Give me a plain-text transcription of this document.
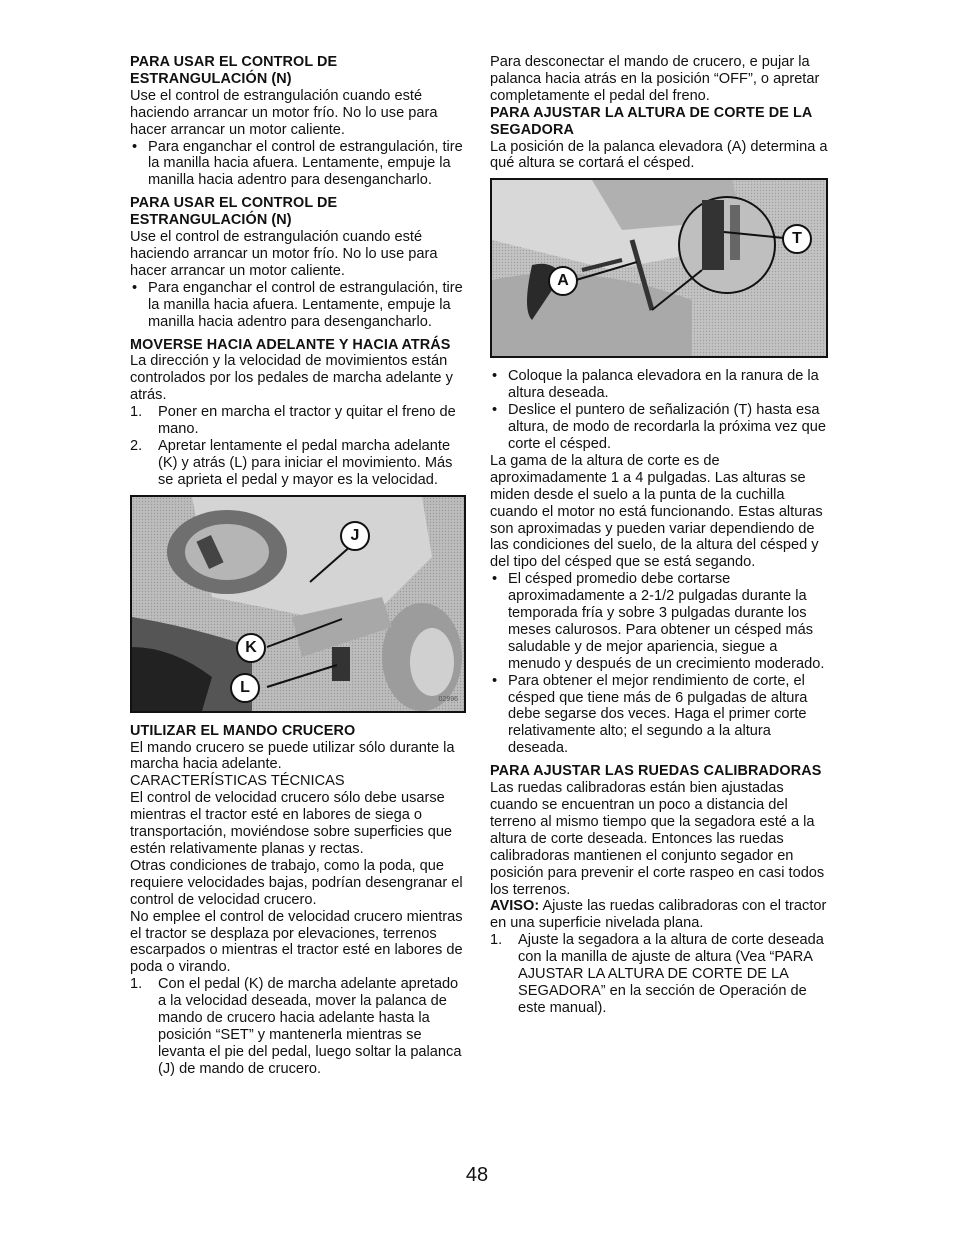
PARA USAR EL CONTROL DE ESTRANGULACIÓN (N)

Use el control de estrangulación cuando esté haciendo arrancar un motor frío. No lo use para hacer arrancar un motor caliente.

• Para enganchar el control de estrangulación, tire la manilla hacia afuera. Lentamente, empuje la manilla hacia adentro para desengancharlo.

PARA USAR EL CONTROL DE ESTRANGULACIÓN (N)

Use el control de estrangulación cuando esté haciendo arrancar un motor frío. No lo use para hacer arrancar un motor caliente.

• Para enganchar el control de estrangulación, tire la manilla hacia afuera. Lentamente, empuje la manilla hacia adentro para desengancharlo.

MOVERSE HACIA ADELANTE Y HACIA ATRÁS

La dirección y la velocidad de movimientos están controlados por los pedales de marcha adelante y atrás.

1. Poner en marcha el tractor y quitar el freno de mano.
2. Apretar lentamente el pedal marcha adelante (K) y atrás (L) para iniciar el movimiento. Más se aprieta el pedal y mayor es la velocidad.
J
K
L
02996

UTILIZAR EL MANDO CRUCERO

El mando crucero se puede utilizar sólo durante la marcha hacia adelante.

CARACTERÍSTICAS TÉCNICAS

El control de velocidad crucero sólo debe usarse mientras el tractor esté en labores de siega o transportación, moviéndose sobre superficies que estén relativamente planas y rectas.

Otras condiciones de trabajo, como la poda, que requiere velocidades bajas, podrían desengranar el control de velocidad crucero.

No emplee el control de velocidad crucero mientras el tractor se desplaza por elevaciones, terrenos escarpados o mientras el tractor esté en labores de poda o virando.

1. Con el pedal (K) de marcha adelante apretado a la velocidad deseada, mover la palanca de mando de crucero hacia adelante hasta la posición “SET” y mantenerla mientras se levanta el pie del pedal, luego soltar la palanca (J) de mando de crucero.

Para desconectar el mando de crucero, e pujar la palanca hacia atrás en la posición “OFF”, o apretar completamente el pedal del freno.

PARA AJUSTAR LA ALTURA DE CORTE DE LA SEGADORA

La posición de la palanca elevadora (A) determina a qué altura se cortará el césped.

A
T
• Coloque la palanca elevadora en la ranura de la altura deseada.
• Deslice el puntero de señalización (T) hasta esa altura, de modo de recordarla la próxima vez que corte el césped.

La gama de la altura de corte es de aproximadamente 1 a 4 pulgadas. Las alturas se miden desde el suelo a la punta de la cuchilla cuando el motor no está funcionando. Estas alturas son aproximadas y pueden variar dependiendo de las condiciones del suelo, de la altura del césped y del tipo del césped que se está segando.

• El césped promedio debe cortarse aproximadamente a 2-1/2 pulgadas durante la temporada fría y sobre 3 pulgadas durante los meses calurosos. Para obtener un césped más saludable y de mejor apariencia, siegue a menudo y después de un crecimiento moderado.
• Para obtener el mejor rendimiento de corte, el césped que tiene más de 6 pulgadas de altura debe segarse dos veces. Haga el primer corte relativamente alto; el segundo a la altura deseada.

PARA AJUSTAR LAS RUEDAS CALIBRADORAS

Las ruedas calibradoras están bien ajustadas cuando se encuentran un poco a distancia del terreno al mismo tiempo que la segadora esté a la altura de corte deseada. Entonces las ruedas calibradoras mantienen el conjunto segador en posición para prevenir el corte raspeo en casi todos los terrenos.

AVISO: Ajuste las ruedas calibradoras con el tractor en una superficie nivelada plana.

1. Ajuste la segadora a la altura de corte deseada con la manilla de ajuste de altura (Vea “PARA AJUSTAR LA ALTURA DE CORTE DE LA SEGADORA” en la sección de Operación de este manual).
48
